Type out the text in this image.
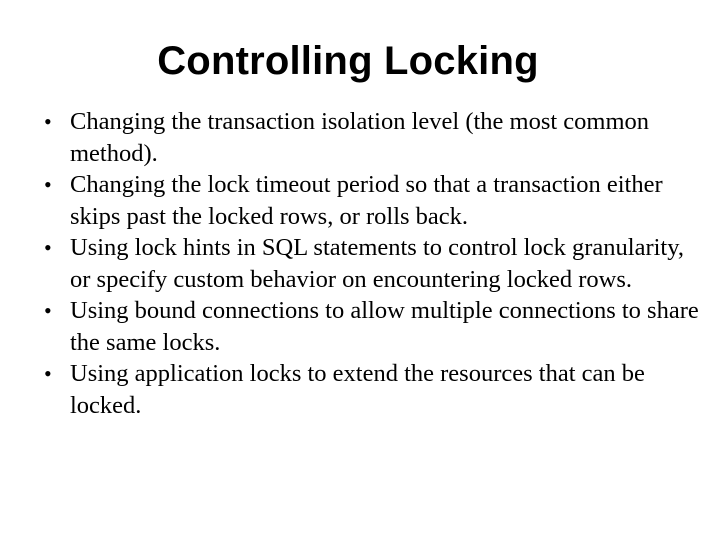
Controlling Locking
• Changing the transaction isolation level (the most common method).
• Changing the lock timeout period so that a transaction either skips past the locked rows, or rolls back.
• Using lock hints in SQL statements to control lock granularity, or specify custom behavior on encountering locked rows.
• Using bound connections to allow multiple connections to share the same locks.
• Using application locks to extend the resources that can be locked.
